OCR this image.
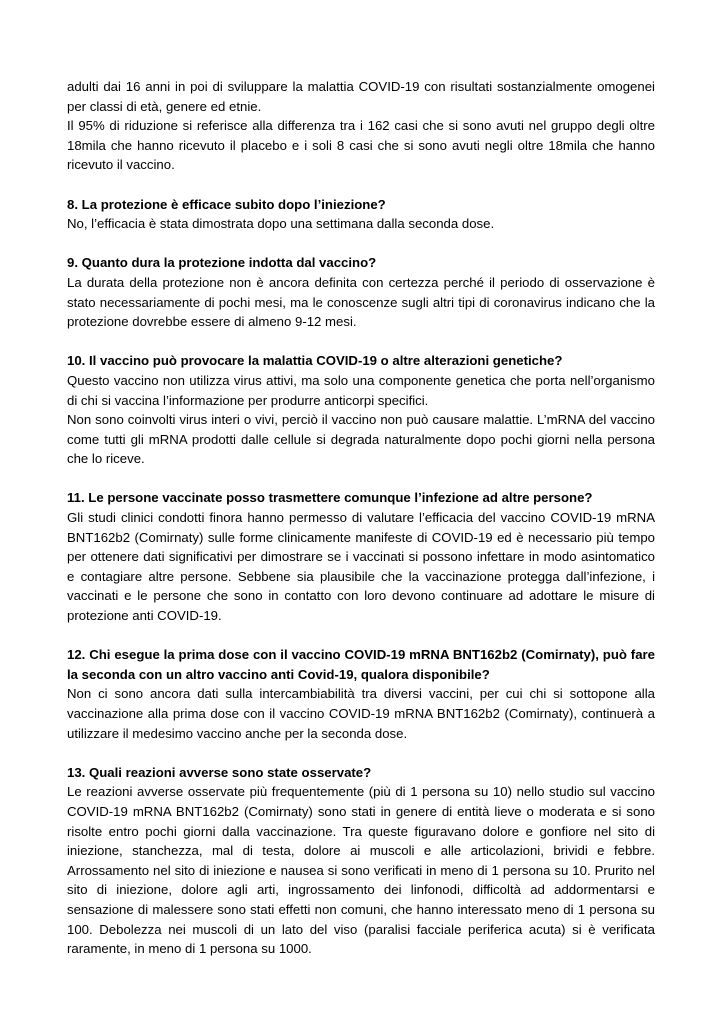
adulti dai 16 anni in poi di sviluppare la malattia COVID-19 con risultati sostanzialmente omogenei per classi di età, genere ed etnie.

Il 95% di riduzione si referisce alla differenza tra i 162 casi che si sono avuti nel gruppo degli oltre 18mila che hanno ricevuto il placebo e i soli 8 casi che si sono avuti negli oltre 18mila che hanno ricevuto il vaccino.

8. La protezione è efficace subito dopo l’iniezione?

No, l’efficacia è stata dimostrata dopo una settimana dalla seconda dose.

9. Quanto dura la protezione indotta dal vaccino?

La durata della protezione non è ancora definita con certezza perché il periodo di osservazione è stato necessariamente di pochi mesi, ma le conoscenze sugli altri tipi di coronavirus indicano che la protezione dovrebbe essere di almeno 9-12 mesi.

10. Il vaccino può provocare la malattia COVID-19 o altre alterazioni genetiche?

Questo vaccino non utilizza virus attivi, ma solo una componente genetica che porta nell’organismo di chi si vaccina l’informazione per produrre anticorpi specifici.

Non sono coinvolti virus interi o vivi, perciò il vaccino non può causare malattie. L’mRNA del vaccino come tutti gli mRNA prodotti dalle cellule si degrada naturalmente dopo pochi giorni nella persona che lo riceve.

11. Le persone vaccinate posso trasmettere comunque l’infezione ad altre persone?

Gli studi clinici condotti finora hanno permesso di valutare l’efficacia del vaccino COVID-19 mRNA BNT162b2 (Comirnaty) sulle forme clinicamente manifeste di COVID-19 ed è necessario più tempo per ottenere dati significativi per dimostrare se i vaccinati si possono infettare in modo asintomatico e contagiare altre persone. Sebbene sia plausibile che la vaccinazione protegga dall’infezione, i vaccinati e le persone che sono in contatto con loro devono continuare ad adottare le misure di protezione anti COVID-19.

12. Chi esegue la prima dose con il vaccino COVID-19 mRNA BNT162b2 (Comirnaty), può fare la seconda con un altro vaccino anti Covid-19, qualora disponibile?

Non ci sono ancora dati sulla intercambiabilità tra diversi vaccini, per cui chi si sottopone alla vaccinazione alla prima dose con il vaccino COVID-19 mRNA BNT162b2 (Comirnaty), continuerà a utilizzare il medesimo vaccino anche per la seconda dose.

13. Quali reazioni avverse sono state osservate?

Le reazioni avverse osservate più frequentemente (più di 1 persona su 10) nello studio sul vaccino COVID-19 mRNA BNT162b2 (Comirnaty) sono stati in genere di entità lieve o moderata e si sono risolte entro pochi giorni dalla vaccinazione. Tra queste figuravano dolore e gonfiore nel sito di iniezione, stanchezza, mal di testa, dolore ai muscoli e alle articolazioni, brividi e febbre. Arrossamento nel sito di iniezione e nausea si sono verificati in meno di 1 persona su 10. Prurito nel sito di iniezione, dolore agli arti, ingrossamento dei linfonodi, difficoltà ad addormentarsi e sensazione di malessere sono stati effetti non comuni, che hanno interessato meno di 1 persona su 100. Debolezza nei muscoli di un lato del viso (paralisi facciale periferica acuta) si è verificata raramente, in meno di 1 persona su 1000.
